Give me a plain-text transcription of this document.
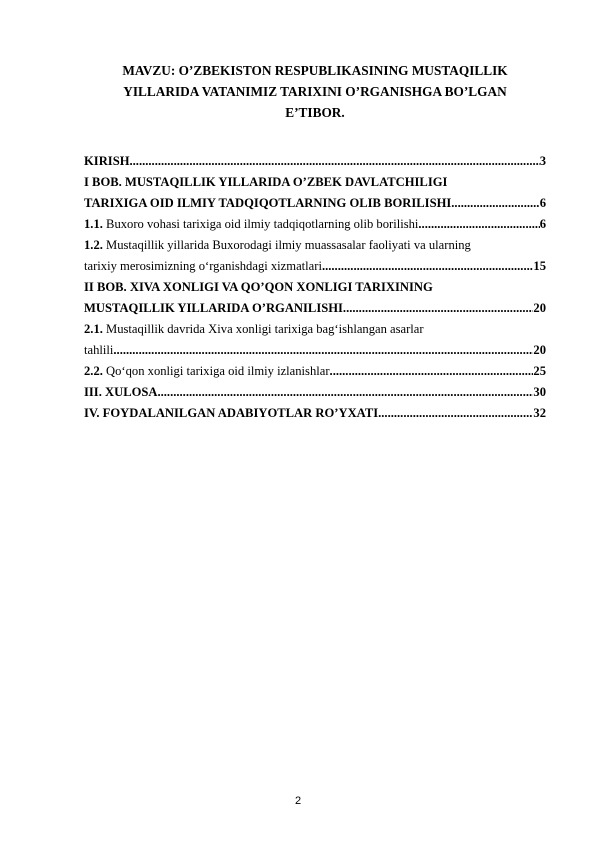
MAVZU: O’ZBEKISTON RESPUBLIKASINING MUSTAQILLIK
YILLARIDA VATANIMIZ TARIXINI O’RGANISHGA BO’LGAN
E’TIBOR.
KIRISH .....	3
I BOB. MUSTAQILLIK YILLARIDA O’ZBEK DAVLATCHILIGI
TARIXIGA OID ILMIY TADQIQOTLARNING OLIB BORILISHI .....	6
1.1. Buxoro vohasi tarixiga oid ilmiy tadqiqotlarning olib borilishi .....	6
1.2. Mustaqillik yillarida Buxorodagi ilmiy muassasalar faoliyati va ularning
tarixiy merosimizning o‘rganishdagi xizmatlari .....	15
II BOB. XIVA XONLIGI VA QO’QON XONLIGI TARIXINING
MUSTAQILLIK YILLARIDA O’RGANILISHI .....	20
2.1. Mustaqillik davrida Xiva xonligi tarixiga bag‘ishlangan asarlar
tahlili .....	20
2.2. Qo‘qon xonligi tarixiga oid ilmiy izlanishlar .....	25
III. XULOSA .....	30
IV. FOYDALANILGAN ADABIYOTLAR RO’YXATI .....	32
2
